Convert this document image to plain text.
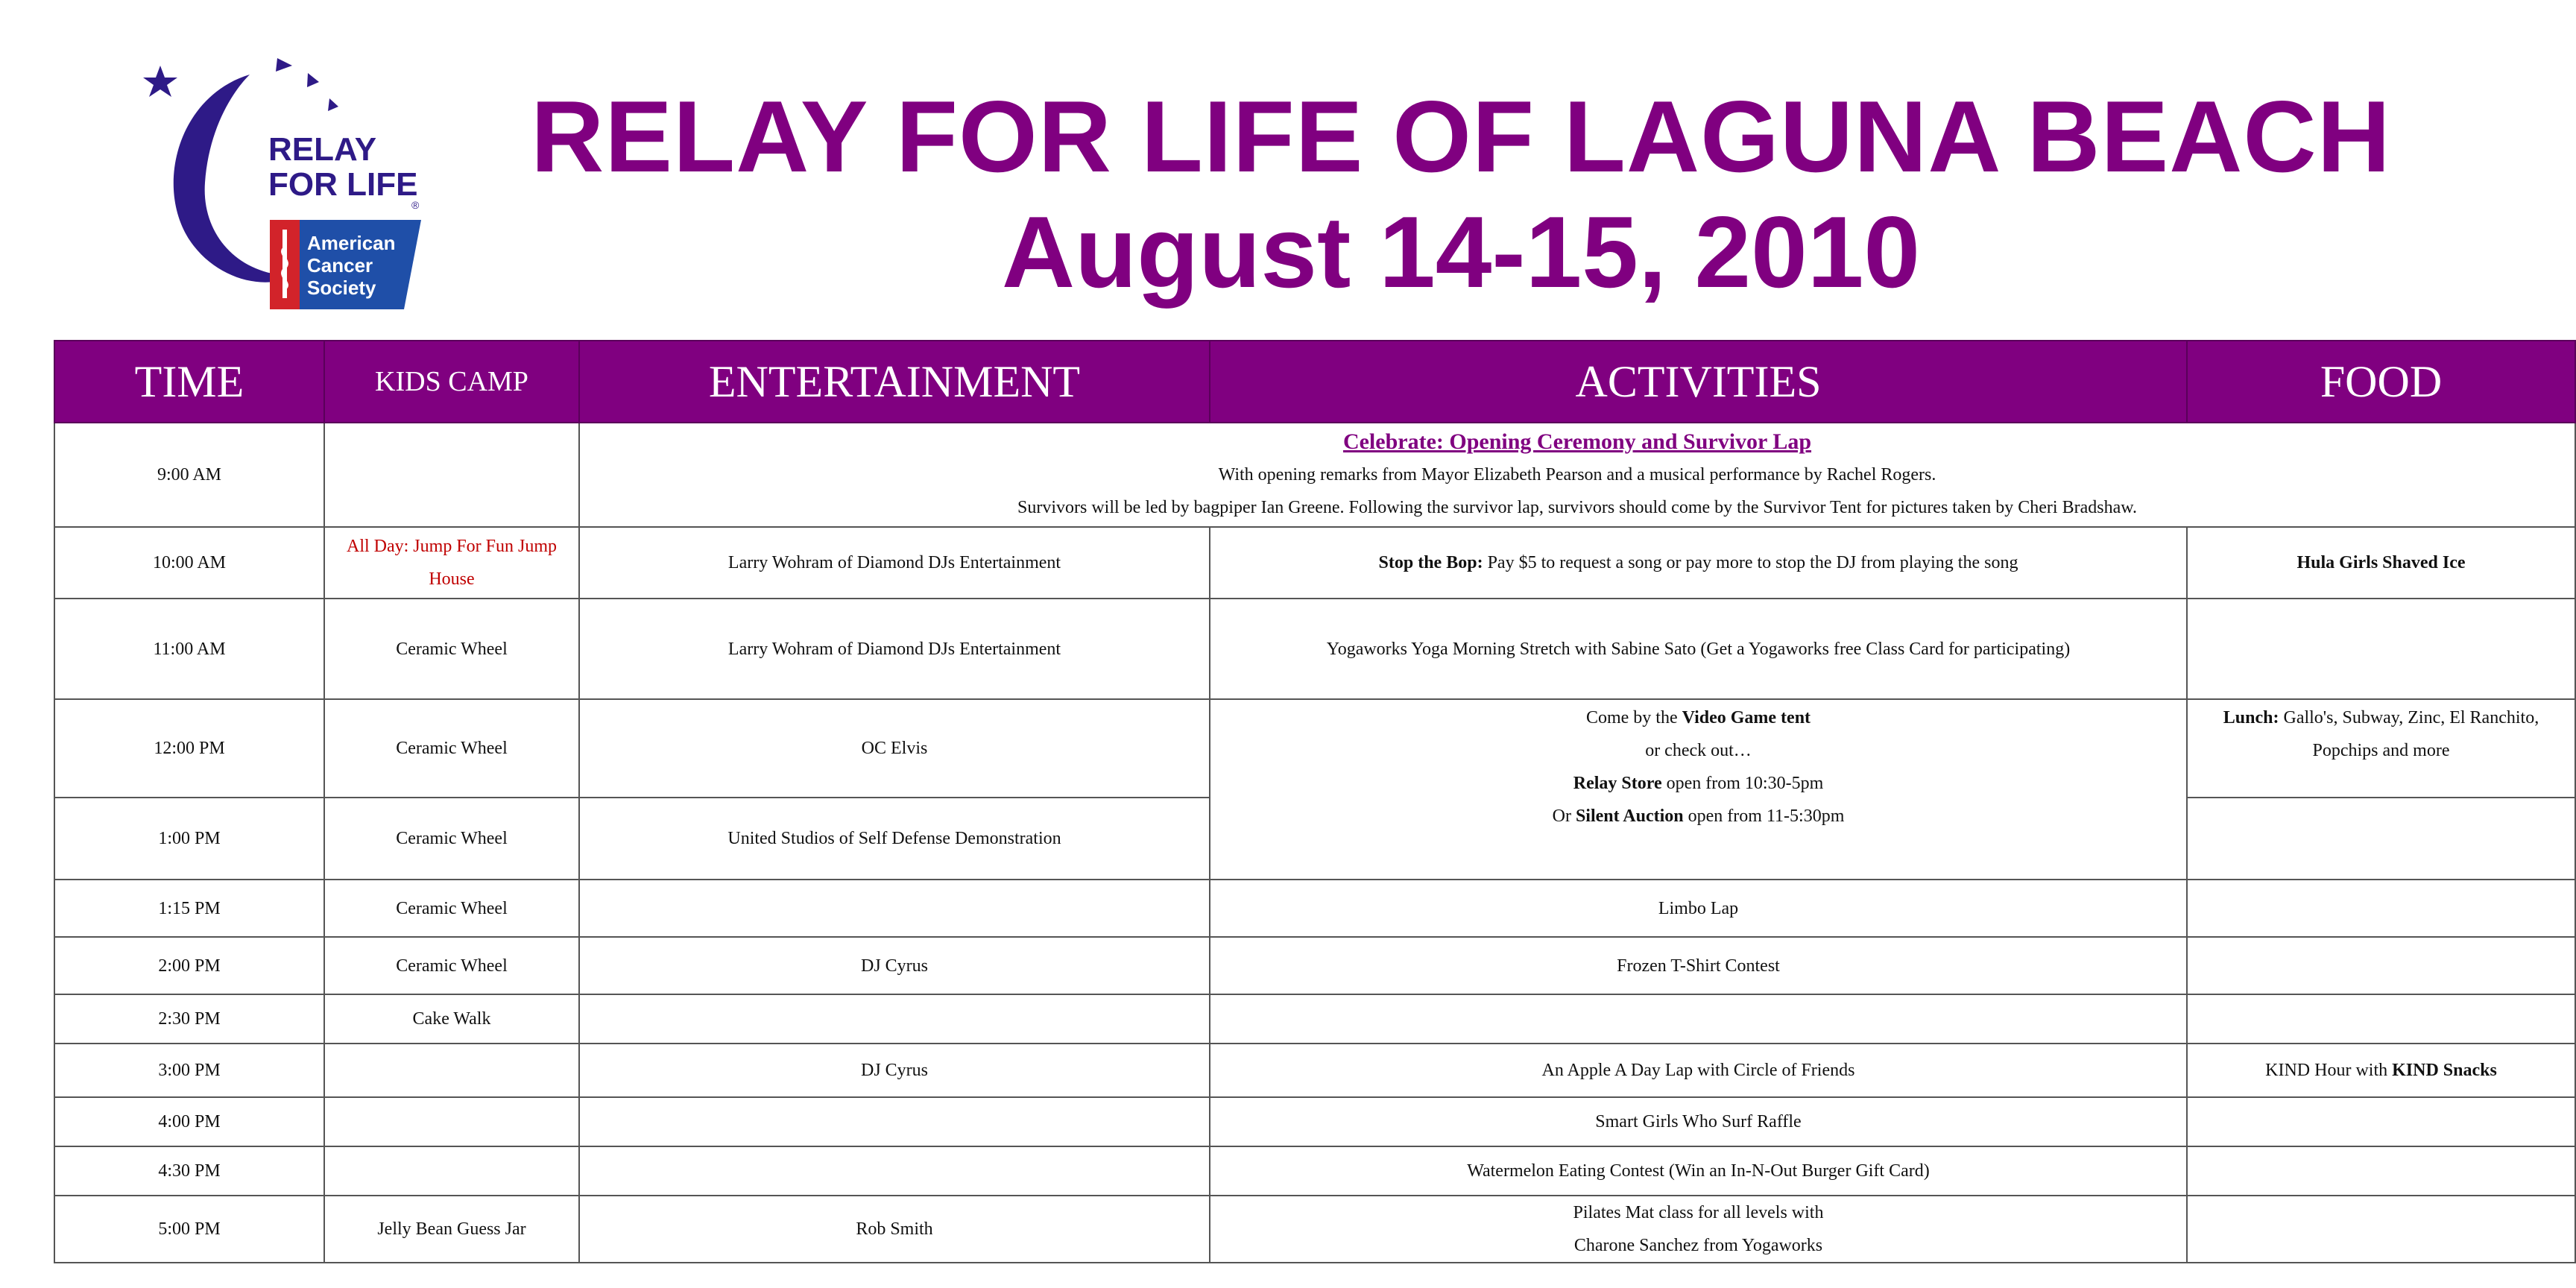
RELAY
FOR LIFE
®
American
Cancer
Society
RELAY FOR LIFE OF LAGUNA BEACH
August 14-15, 2010
TIME	KIDS CAMP	ENTERTAINMENT	ACTIVITIES	FOOD
9:00 AM		Celebrate: Opening Ceremony and Survivor Lap
With opening remarks from Mayor Elizabeth Pearson and a musical performance by Rachel Rogers.
Survivors will be led by bagpiper Ian Greene. Following the survivor lap, survivors should come by the Survivor Tent for pictures taken by Cheri Bradshaw.		

10:00 AM	All Day: Jump For Fun Jump House	Larry Wohram of Diamond DJs Entertainment	Stop the Bop: Pay $5 to request a song or pay more to stop the DJ from playing the song	Hula Girls Shaved Ice
11:00 AM	Ceramic Wheel	Larry Wohram of Diamond DJs Entertainment	Yogaworks Yoga Morning Stretch with Sabine Sato (Get a Yogaworks free Class Card for participating)	
12:00 PM	Ceramic Wheel	OC Elvis	Come by the Video Game tent
or check out…
Relay Store open from 10:30-5pm
Or Silent Auction open from 11-5:30pm	Lunch: Gallo's, Subway, Zinc, El Ranchito, Popchips and more
1:00 PM	Ceramic Wheel	United Studios of Self Defense Demonstration		
1:15 PM	Ceramic Wheel		Limbo Lap	
2:00 PM	Ceramic Wheel	DJ Cyrus	Frozen T-Shirt Contest	
2:30 PM	Cake Walk			
3:00 PM		DJ Cyrus	An Apple A Day Lap with Circle of Friends	KIND Hour with KIND Snacks
4:00 PM			Smart Girls Who Surf Raffle	
4:30 PM			Watermelon Eating Contest (Win an In-N-Out Burger Gift Card)	
5:00 PM	Jelly Bean Guess Jar	Rob Smith	Pilates Mat class for all levels with
Charone Sanchez from Yogaworks	
